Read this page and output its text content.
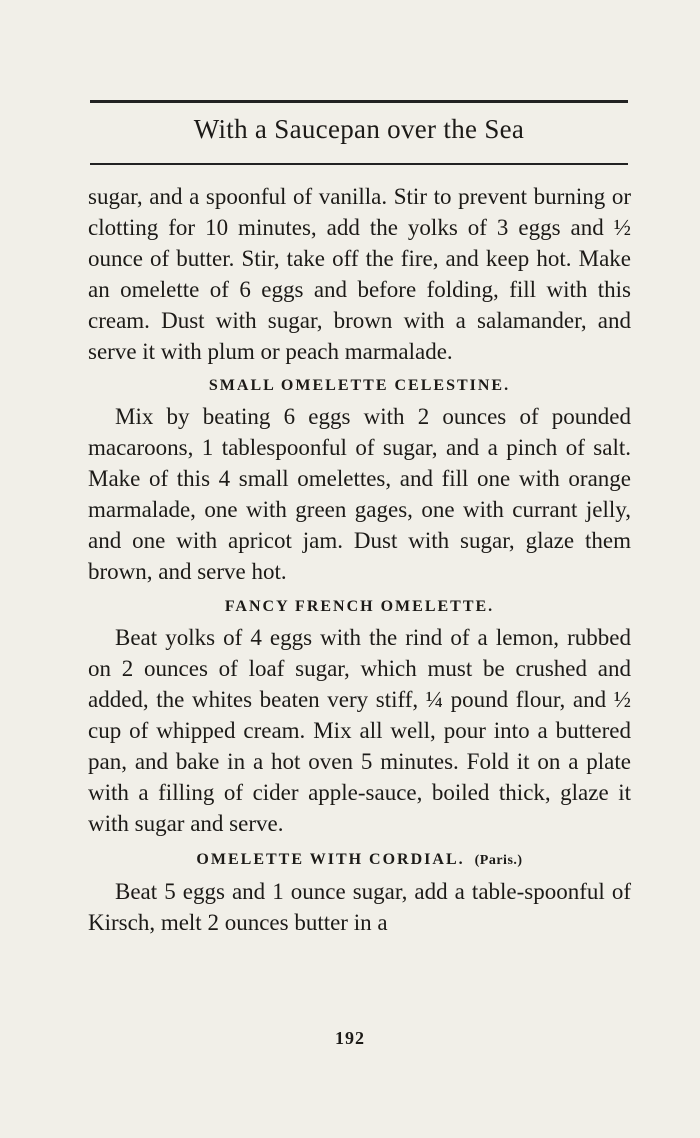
With a Saucepan over the Sea

sugar, and a spoonful of vanilla. Stir to prevent burning or clotting for 10 minutes, add the yolks of 3 eggs and ½ ounce of butter. Stir, take off the fire, and keep hot. Make an omelette of 6 eggs and before folding, fill with this cream. Dust with sugar, brown with a salamander, and serve it with plum or peach marmalade.

SMALL OMELETTE CELESTINE.

Mix by beating 6 eggs with 2 ounces of pounded macaroons, 1 tablespoonful of sugar, and a pinch of salt. Make of this 4 small omelettes, and fill one with orange marmalade, one with green gages, one with currant jelly, and one with apricot jam. Dust with sugar, glaze them brown, and serve hot.

FANCY FRENCH OMELETTE.

Beat yolks of 4 eggs with the rind of a lemon, rubbed on 2 ounces of loaf sugar, which must be crushed and added, the whites beaten very stiff, ¼ pound flour, and ½ cup of whipped cream. Mix all well, pour into a buttered pan, and bake in a hot oven 5 minutes. Fold it on a plate with a filling of cider apple-sauce, boiled thick, glaze it with sugar and serve.

OMELETTE WITH CORDIAL. (Paris.)

Beat 5 eggs and 1 ounce sugar, add a table-spoonful of Kirsch, melt 2 ounces butter in a

192
